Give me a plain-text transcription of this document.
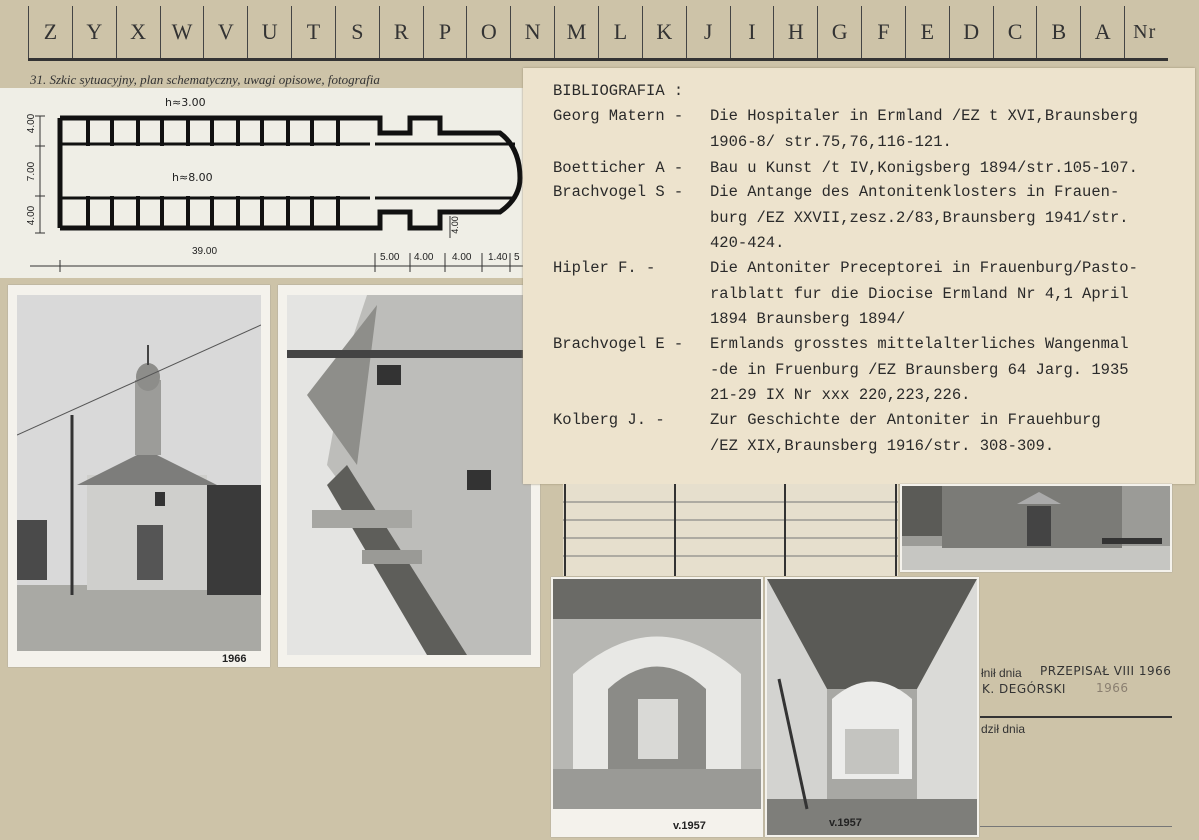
Z	Y	X	W	V	U	T	S	R	P	O	N	M	L	K	J	I	H	G	F	E	D	C	B	A	Nr
31. Szkic sytuacyjny, plan schematyczny, uwagi opisowe, fotografia
h≈3.00
h≈8.00
4.00
7.00
4.00
39.00
5.00 4.00 4.00 1.40 5
4.00
1966
BIBLIOGRAFIA :
Georg Matern -	Die Hospitaler in Ermland /EZ t XVI,Braunsberg
1906-8/ str.75,76,116-121.
Boetticher A -	Bau u Kunst /t IV,Konigsberg 1894/str.105-107.
Brachvogel S -	Die Antange des Antonitenklosters in Frauen-
burg /EZ XXVII,zesz.2/83,Braunsberg 1941/str.
420-424.
Hipler F. -	Die Antoniter Preceptorei in Frauenburg/Pasto-
ralblatt fur die Diocise Ermland Nr 4,1 April
1894 Braunsberg 1894/
Brachvogel E -	Ermlands grosstes mittelalterliches Wangenmal
-de in Fruenburg /EZ Braunsberg 64 Jarg. 1935
21-29 IX Nr xxx 220,223,226.
Kolberg J. -	Zur Geschichte der Antoniter in Frauehburg
/EZ XIX,Braunsberg 1916/str. 308-309.
v.1957	v.1957
łnił dnia PRZEPISAŁ VIII 1966
K. DEGÓRSKI	1966
dził dnia
